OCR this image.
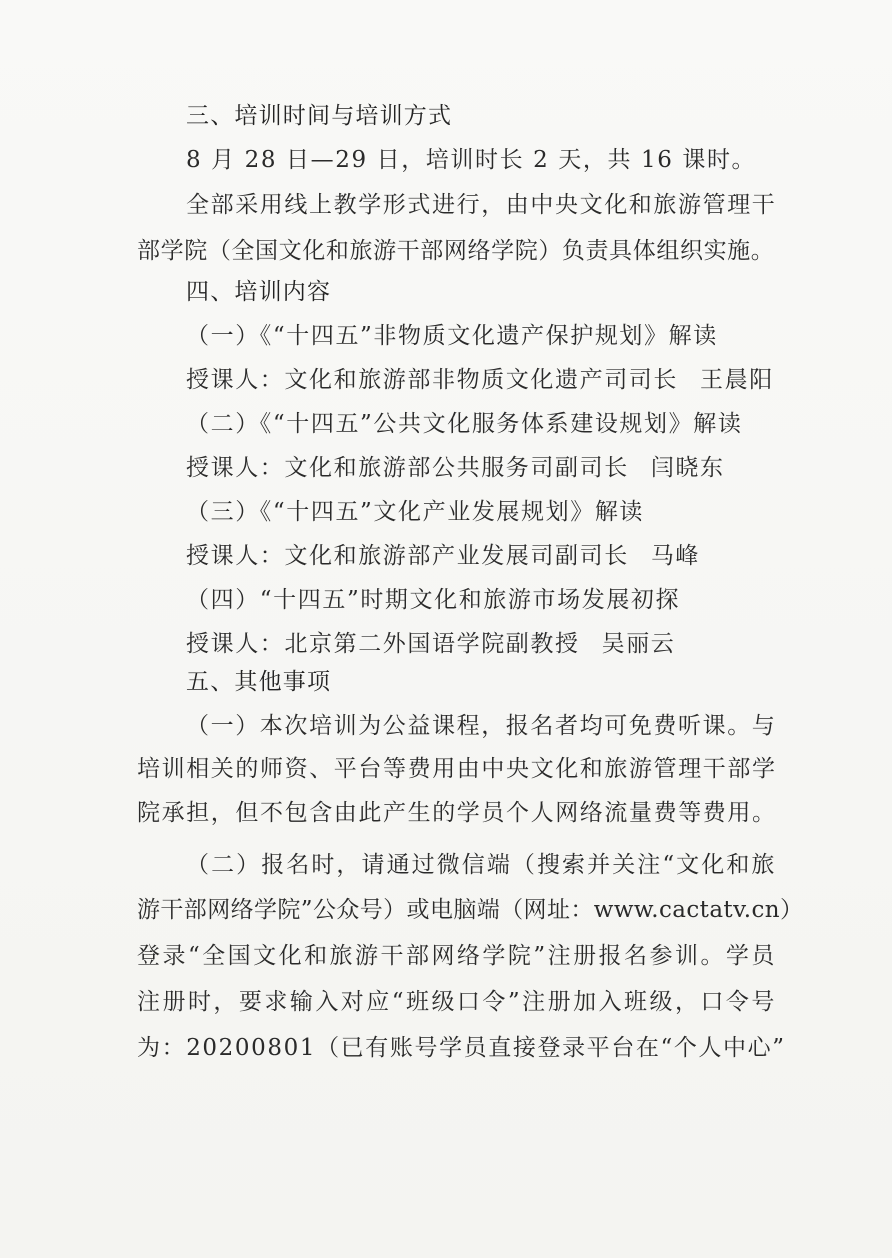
三、培训时间与培训方式
8 月 28 日—29 日，培训时长 2 天，共 16 课时。
全部采用线上教学形式进行，由中央文化和旅游管理干
部学院（全国文化和旅游干部网络学院）负责具体组织实施。
四、培训内容
（一）《“十四五”非物质文化遗产保护规划》解读
授课人：文化和旅游部非物质文化遗产司司长 王晨阳
（二）《“十四五”公共文化服务体系建设规划》解读
授课人：文化和旅游部公共服务司副司长 闫晓东
（三）《“十四五”文化产业发展规划》解读
授课人：文化和旅游部产业发展司副司长 马峰
（四）“十四五”时期文化和旅游市场发展初探
授课人：北京第二外国语学院副教授 吴丽云
五、其他事项
（一）本次培训为公益课程，报名者均可免费听课。与
培训相关的师资、平台等费用由中央文化和旅游管理干部学
院承担，但不包含由此产生的学员个人网络流量费等费用。
（二）报名时，请通过微信端（搜索并关注“文化和旅
游干部网络学院”公众号）或电脑端（网址：www.cactatv.cn）
登录“全国文化和旅游干部网络学院”注册报名参训。学员
注册时，要求输入对应“班级口令”注册加入班级，口令号
为：20200801（已有账号学员直接登录平台在“个人中心”
